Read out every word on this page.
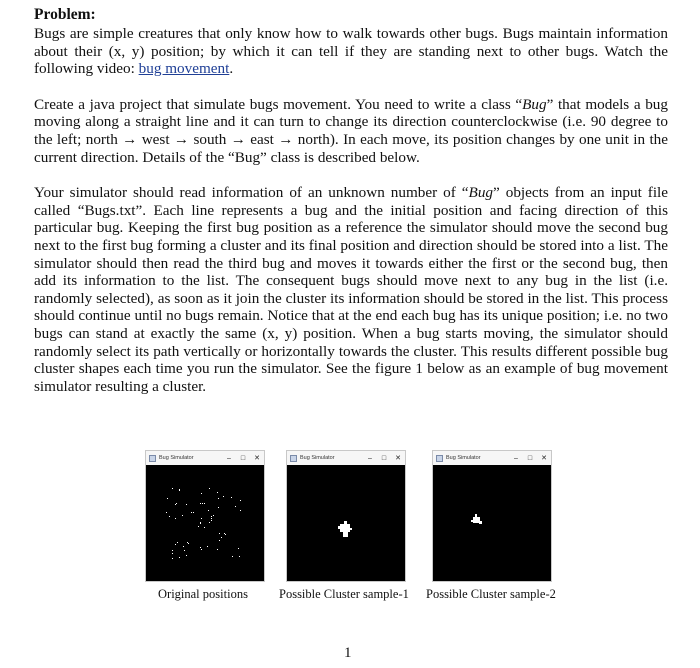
Problem:

Bugs are simple creatures that only know how to walk towards other bugs. Bugs maintain information about their (x, y) position; by which it can tell if they are standing next to other bugs. Watch the following video: bug movement.

Create a java project that simulate bugs movement. You need to write a class “Bug” that models a bug moving along a straight line and it can turn to change its direction counterclockwise (i.e. 90 degree to the left; north → west → south → east → north). In each move, its position changes by one unit in the current direction. Details of the “Bug” class is described below.

Your simulator should read information of an unknown number of “Bug” objects from an input file called “Bugs.txt”. Each line represents a bug and the initial position and facing direction of this particular bug. Keeping the first bug position as a reference the simulator should move the second bug next to the first bug forming a cluster and its final position and direction should be stored into a list. The simulator should then read the third bug and moves it towards either the first or the second bug, then add its information to the list. The consequent bugs should move next to any bug in the list (i.e. randomly selected), as soon as it join the cluster its information should be stored in the list. This process should continue until no bugs remain. Notice that at the end each bug has its unique position; i.e. no two bugs can stand at exactly the same (x, y) position. When a bug starts moving, the simulator should randomly select its path vertically or horizontally towards the cluster. This results different possible bug cluster shapes each time you run the simulator. See the figure 1 below as an example of bug movement simulator resulting a cluster.

Bug Simulator	–	□	✕	Bug Simulator	–	□	✕	Bug Simulator	–	□	✕
Original positions Possible Cluster sample-1 Possible Cluster sample-2
1
